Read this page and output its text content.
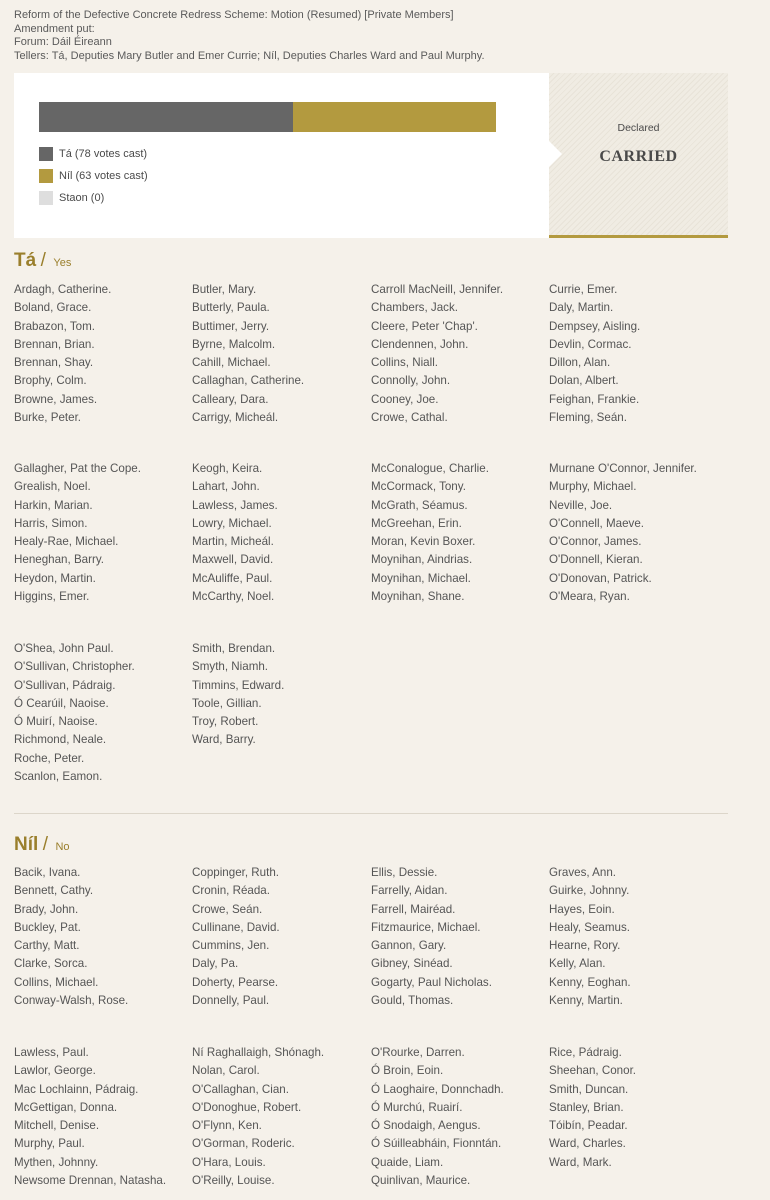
Reform of the Defective Concrete Redress Scheme: Motion (Resumed) [Private Members]
Amendment put:
Forum: Dáil Éireann
Tellers: Tá, Deputies Mary Butler and Emer Currie; Níl, Deputies Charles Ward and Paul Murphy.
Tá (78 votes cast)
Níl (63 votes cast)
Staon (0)
Declared
CARRIED
Tá / Yes
Ardagh, Catherine.
Boland, Grace.
Brabazon, Tom.
Brennan, Brian.
Brennan, Shay.
Brophy, Colm.
Browne, James.
Burke, Peter.
Butler, Mary.
Butterly, Paula.
Buttimer, Jerry.
Byrne, Malcolm.
Cahill, Michael.
Callaghan, Catherine.
Calleary, Dara.
Carrigy, Micheál.
Carroll MacNeill, Jennifer.
Chambers, Jack.
Cleere, Peter 'Chap'.
Clendennen, John.
Collins, Niall.
Connolly, John.
Cooney, Joe.
Crowe, Cathal.
Currie, Emer.
Daly, Martin.
Dempsey, Aisling.
Devlin, Cormac.
Dillon, Alan.
Dolan, Albert.
Feighan, Frankie.
Fleming, Seán.
Gallagher, Pat the Cope.
Grealish, Noel.
Harkin, Marian.
Harris, Simon.
Healy-Rae, Michael.
Heneghan, Barry.
Heydon, Martin.
Higgins, Emer.
Keogh, Keira.
Lahart, John.
Lawless, James.
Lowry, Michael.
Martin, Micheál.
Maxwell, David.
McAuliffe, Paul.
McCarthy, Noel.
McConalogue, Charlie.
McCormack, Tony.
McGrath, Séamus.
McGreehan, Erin.
Moran, Kevin Boxer.
Moynihan, Aindrias.
Moynihan, Michael.
Moynihan, Shane.
Murnane O'Connor, Jennifer.
Murphy, Michael.
Neville, Joe.
O'Connell, Maeve.
O'Connor, James.
O'Donnell, Kieran.
O'Donovan, Patrick.
O'Meara, Ryan.
O'Shea, John Paul.
O'Sullivan, Christopher.
O'Sullivan, Pádraig.
Ó Cearúil, Naoise.
Ó Muirí, Naoise.
Richmond, Neale.
Roche, Peter.
Scanlon, Eamon.
Smith, Brendan.
Smyth, Niamh.
Timmins, Edward.
Toole, Gillian.
Troy, Robert.
Ward, Barry.
Níl / No
Bacik, Ivana.
Bennett, Cathy.
Brady, John.
Buckley, Pat.
Carthy, Matt.
Clarke, Sorca.
Collins, Michael.
Conway-Walsh, Rose.
Coppinger, Ruth.
Cronin, Réada.
Crowe, Seán.
Cullinane, David.
Cummins, Jen.
Daly, Pa.
Doherty, Pearse.
Donnelly, Paul.
Ellis, Dessie.
Farrelly, Aidan.
Farrell, Mairéad.
Fitzmaurice, Michael.
Gannon, Gary.
Gibney, Sinéad.
Gogarty, Paul Nicholas.
Gould, Thomas.
Graves, Ann.
Guirke, Johnny.
Hayes, Eoin.
Healy, Seamus.
Hearne, Rory.
Kelly, Alan.
Kenny, Eoghan.
Kenny, Martin.
Lawless, Paul.
Lawlor, George.
Mac Lochlainn, Pádraig.
McGettigan, Donna.
Mitchell, Denise.
Murphy, Paul.
Mythen, Johnny.
Newsome Drennan, Natasha.
Ní Raghallaigh, Shónagh.
Nolan, Carol.
O'Callaghan, Cian.
O'Donoghue, Robert.
O'Flynn, Ken.
O'Gorman, Roderic.
O'Hara, Louis.
O'Reilly, Louise.
O'Rourke, Darren.
Ó Broin, Eoin.
Ó Laoghaire, Donnchadh.
Ó Murchú, Ruairí.
Ó Snodaigh, Aengus.
Ó Súilleabháin, Fionntán.
Quaide, Liam.
Quinlivan, Maurice.
Rice, Pádraig.
Sheehan, Conor.
Smith, Duncan.
Stanley, Brian.
Tóibín, Peadar.
Ward, Charles.
Ward, Mark.
